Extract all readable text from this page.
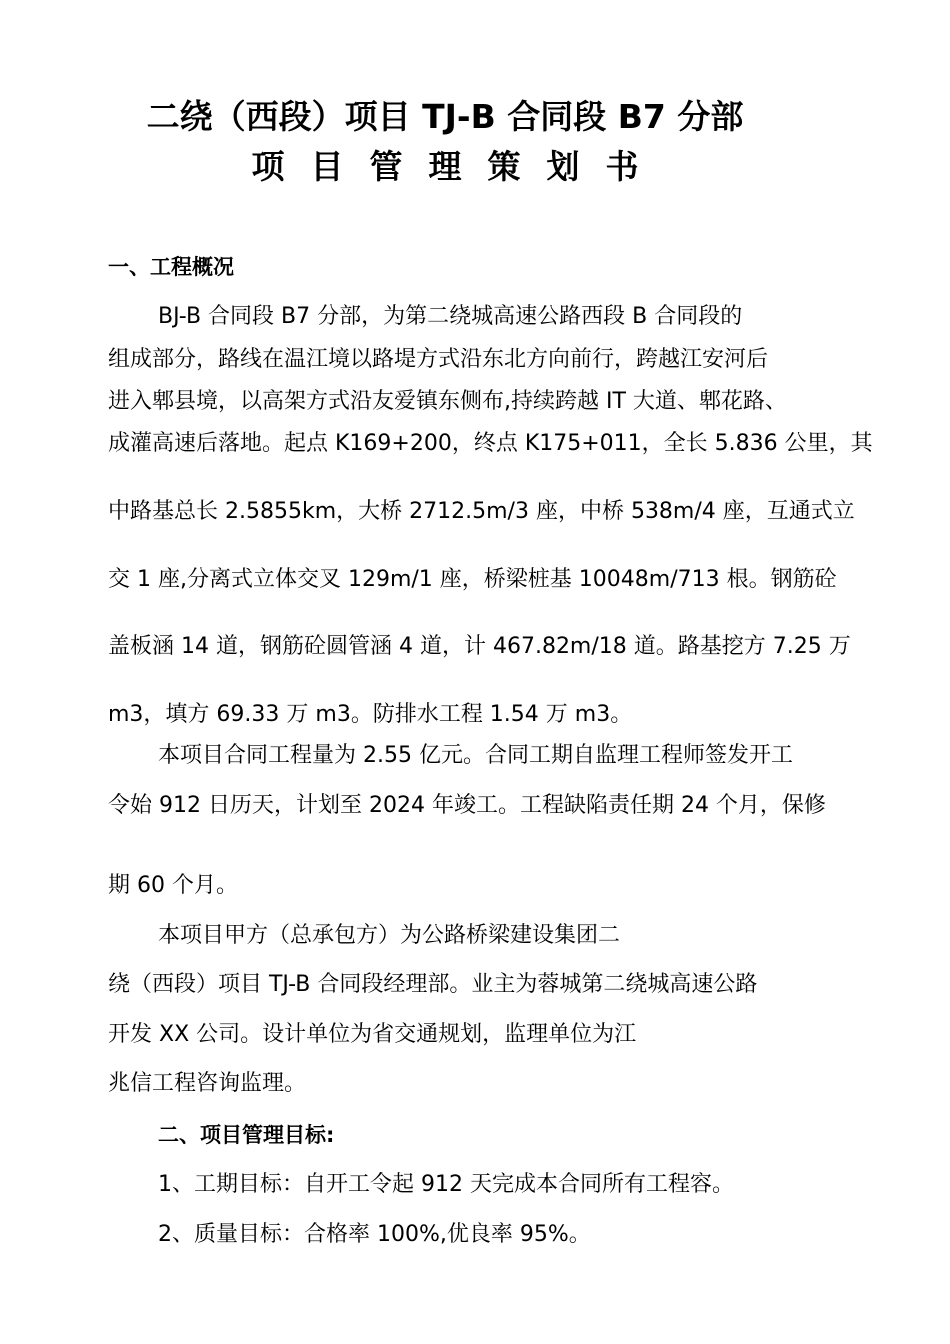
二绕（西段）项目 TJ-B 合同段 B7 分部
项目管理策划书
一、工程概况

BJ-B 合同段 B7 分部，为第二绕城高速公路西段 B 合同段的

组成部分，路线在温江境以路堤方式沿东北方向前行，跨越江安河后

进入郫县境，以高架方式沿友爱镇东侧布,持续跨越 IT 大道、郫花路、

成灌高速后落地。起点 K169+200，终点 K175+011，全长 5.836 公里，其

中路基总长 2.5855km，大桥 2712.5m/3 座，中桥 538m/4 座，互通式立

交 1 座,分离式立体交叉 129m/1 座，桥梁桩基 10048m/713 根。钢筋砼

盖板涵 14 道，钢筋砼圆管涵 4 道，计 467.82m/18 道。路基挖方 7.25 万

m3，填方 69.33 万 m3。防排水工程 1.54 万 m3。

本项目合同工程量为 2.55 亿元。合同工期自监理工程师签发开工

令始 912 日历天，计划至 2024 年竣工。工程缺陷责任期 24 个月，保修

期 60 个月。

本项目甲方（总承包方）为公路桥梁建设集团二

绕（西段）项目 TJ-B 合同段经理部。业主为蓉城第二绕城高速公路

开发 XX 公司。设计单位为省交通规划，监理单位为江

兆信工程咨询监理。

二、项目管理目标:

1、工期目标：自开工令起 912 天完成本合同所有工程容。

2、质量目标：合格率 100%,优良率 95%。
